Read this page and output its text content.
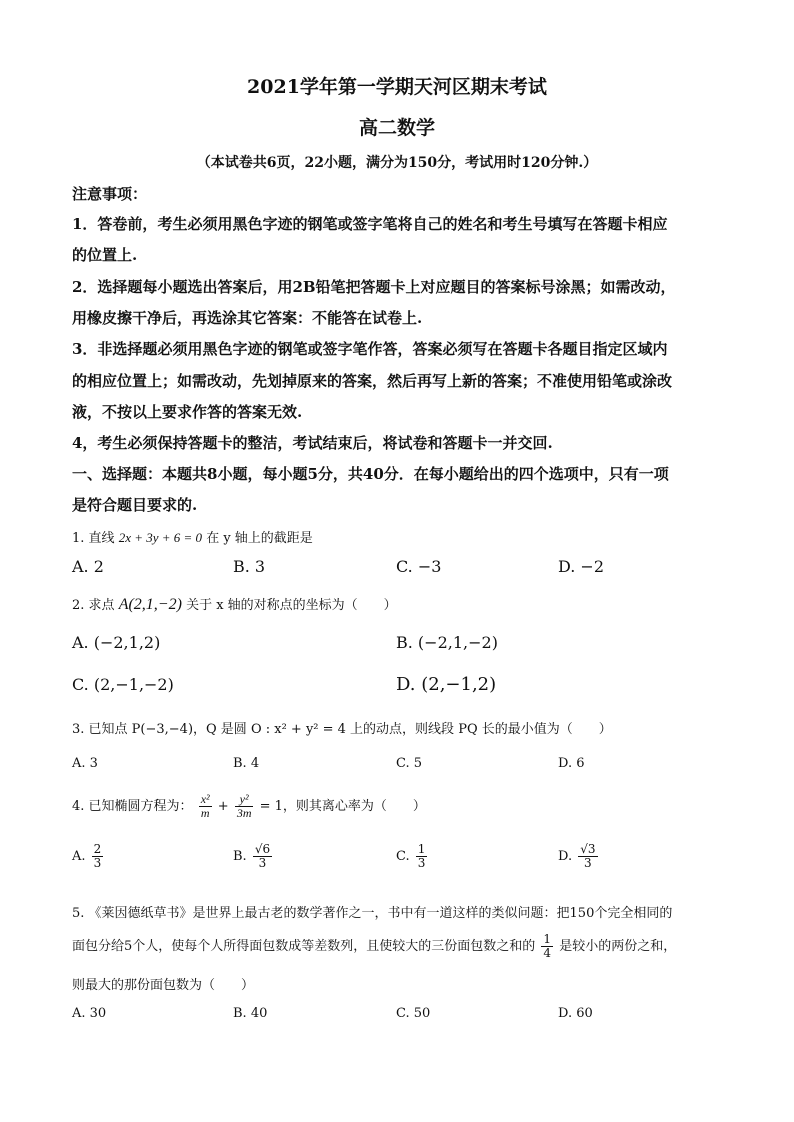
2021学年第一学期天河区期末考试
高二数学
（本试卷共6页，22小题，满分为150分，考试用时120分钟.）
注意事项：
1．答卷前，考生必须用黑色字迹的钢笔或签字笔将自己的姓名和考生号填写在答题卡相应
的位置上.
2．选择题每小题选出答案后，用2B铅笔把答题卡上对应题目的答案标号涂黑；如需改动，
用橡皮擦干净后，再选涂其它答案：不能答在试卷上.
3．非选择题必须用黑色字迹的钢笔或签字笔作答，答案必须写在答题卡各题目指定区域内
的相应位置上；如需改动，先划掉原来的答案，然后再写上新的答案；不准使用铅笔或涂改
液，不按以上要求作答的答案无效.
4，考生必须保持答题卡的整洁，考试结束后，将试卷和答题卡一并交回.
一、选择题：本题共8小题，每小题5分，共40分．在每小题给出的四个选项中，只有一项
是符合题目要求的.
1. 直线 2x + 3y + 6 = 0 在 y 轴上的截距是
A. 2	B. 3	C. −3	D. −2
2. 求点 A(2,1,−2) 关于 x 轴的对称点的坐标为（　　）
A. (−2,1,2)	B. (−2,1,−2)
C. (2,−1,−2)	D. (2,−1,2)
3. 已知点 P(−3,−4)，Q 是圆 O : x² + y² = 4 上的动点，则线段 PQ 长的最小值为（　　）
A. 3	B. 4	C. 5	D. 6
4. 已知椭圆方程为： $\frac{\text{x²}}{m} + \frac{\text{y²}}{3m} = 1$，则其离心率为（　　）
A. $\frac{2}{3}$	B. $\frac{√6}{3}$	C. $\frac{1}{3}$	D. $\frac{√3}{3}$
5. 《莱因德纸草书》是世界上最古老的数学著作之一，书中有一道这样的类似问题：把150个完全相同的
面包分给5个人，使每个人所得面包数成等差数列，且使较大的三份面包数之和的 $\frac{1}{4}$ 是较小的两份之和，
则最大的那份面包数为（　　）
A. 30	B. 40	C. 50	D. 60
